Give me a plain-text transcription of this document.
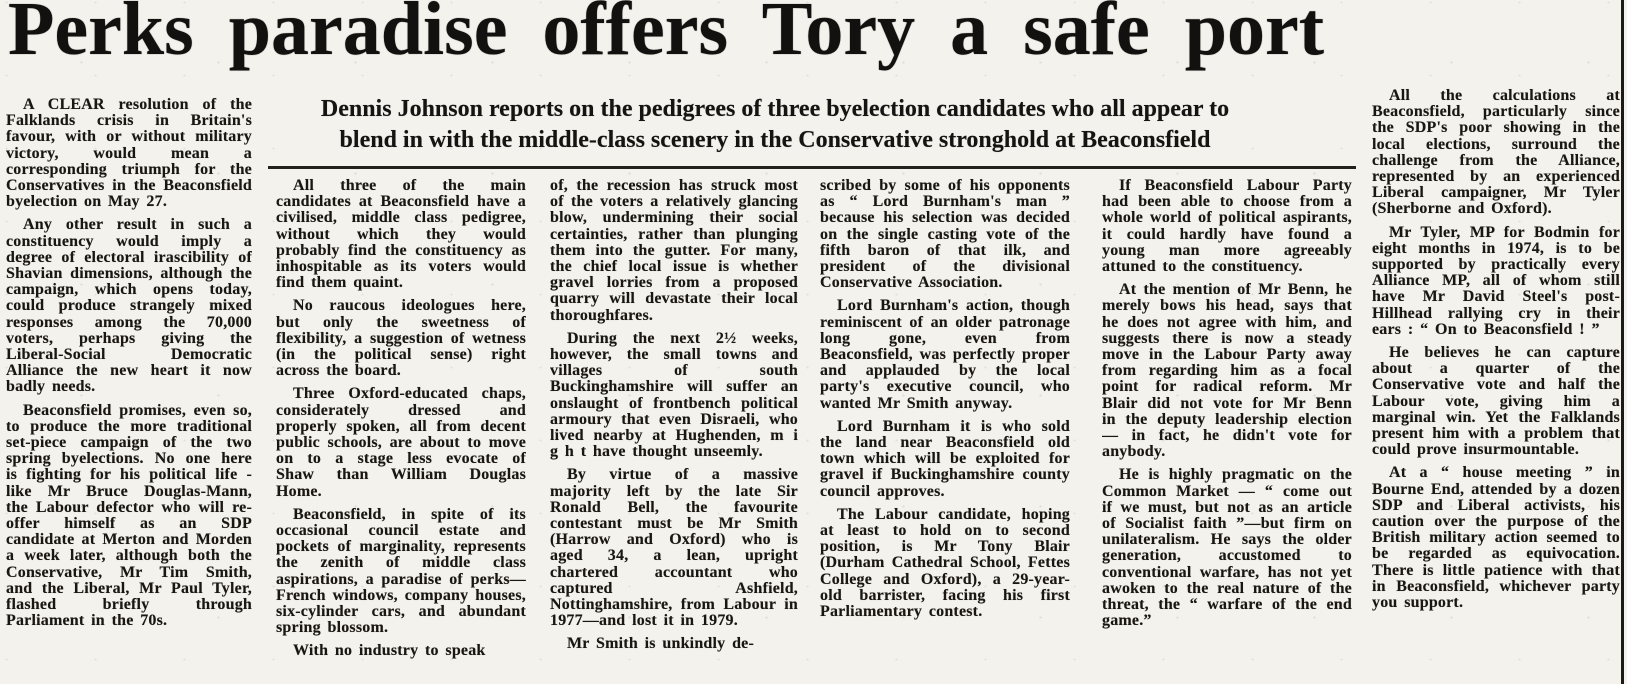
Perks paradise offers Tory a safe port
Dennis Johnson reports on the pedigrees of three byelection candidates who all appear to
blend in with the middle-class scenery in the Conservative stronghold at Beaconsfield

A CLEAR resolution of the Falklands crisis in Britain's favour, with or without military victory, would mean a corresponding triumph for the Conservatives in the Beaconsfield byelection on May 27.

Any other result in such a constituency would imply a degree of electoral irascibility of Shavian dimensions, although the campaign, which opens today, could produce strangely mixed responses among the 70,000 voters, perhaps giving the Liberal-Social Democratic Alliance the new heart it now badly needs.

Beaconsfield promises, even so, to produce the more traditional set-piece campaign of the two spring byelections. No one here is fighting for his political life - like Mr Bruce Douglas-Mann, the Labour defector who will re-offer himself as an SDP candidate at Merton and Morden a week later, although both the Conservative, Mr Tim Smith, and the Liberal, Mr Paul Tyler, flashed briefly through Parliament in the 70s.

All three of the main candidates at Beaconsfield have a civilised, middle class pedigree, without which they would probably find the constituency as inhospitable as its voters would find them quaint.

No raucous ideologues here, but only the sweetness of flexibility, a suggestion of wetness (in the political sense) right across the board.

Three Oxford-educated chaps, considerately dressed and properly spoken, all from decent public schools, are about to move on to a stage less evocate of Shaw than William Douglas Home.

Beaconsfield, in spite of its occasional council estate and pockets of marginality, represents the zenith of middle class aspirations, a paradise of perks—French windows, company houses, six-cylinder cars, and abundant spring blossom.

With no industry to speak

of, the recession has struck most of the voters a relatively glancing blow, undermining their social certainties, rather than plunging them into the gutter. For many, the chief local issue is whether gravel lorries from a proposed quarry will devastate their local thoroughfares.

During the next 2½ weeks, however, the small towns and villages of south Buckinghamshire will suffer an onslaught of frontbench political armoury that even Disraeli, who lived nearby at Hughenden, m i g h t have thought unseemly.

By virtue of a massive majority left by the late Sir Ronald Bell, the favourite contestant must be Mr Smith (Harrow and Oxford) who is aged 34, a lean, upright chartered accountant who captured Ashfield, Nottinghamshire, from Labour in 1977—and lost it in 1979.

Mr Smith is unkindly de-

scribed by some of his opponents as “ Lord Burnham's man ” because his selection was decided on the single casting vote of the fifth baron of that ilk, and president of the divisional Conservative Association.

Lord Burnham's action, though reminiscent of an older patronage long gone, even from Beaconsfield, was perfectly proper and applauded by the local party's executive council, who wanted Mr Smith anyway.

Lord Burnham it is who sold the land near Beaconsfield old town which will be exploited for gravel if Buckinghamshire county council approves.

The Labour candidate, hoping at least to hold on to second position, is Mr Tony Blair (Durham Cathedral School, Fettes College and Oxford), a 29-year-old barrister, facing his first Parliamentary contest.

If Beaconsfield Labour Party had been able to choose from a whole world of political aspirants, it could hardly have found a young man more agreeably attuned to the constituency.

At the mention of Mr Benn, he merely bows his head, says that he does not agree with him, and suggests there is now a steady move in the Labour Party away from regarding him as a focal point for radical reform. Mr Blair did not vote for Mr Benn in the deputy leadership election — in fact, he didn't vote for anybody.

He is highly pragmatic on the Common Market — “ come out if we must, but not as an article of Socialist faith ”—but firm on unilateralism. He says the older generation, accustomed to conventional warfare, has not yet awoken to the real nature of the threat, the “ warfare of the end game.”

All the calculations at Beaconsfield, particularly since the SDP's poor showing in the local elections, surround the challenge from the Alliance, represented by an experienced Liberal campaigner, Mr Tyler (Sherborne and Oxford).

Mr Tyler, MP for Bodmin for eight months in 1974, is to be supported by practically every Alliance MP, all of whom still have Mr David Steel's post-Hillhead rallying cry in their ears : “ On to Beaconsfield ! ”

He believes he can capture about a quarter of the Conservative vote and half the Labour vote, giving him a marginal win. Yet the Falklands present him with a problem that could prove insurmountable.

At a “ house meeting ” in Bourne End, attended by a dozen SDP and Liberal activists, his caution over the purpose of the British military action seemed to be regarded as equivocation. There is little patience with that in Beaconsfield, whichever party you support.
